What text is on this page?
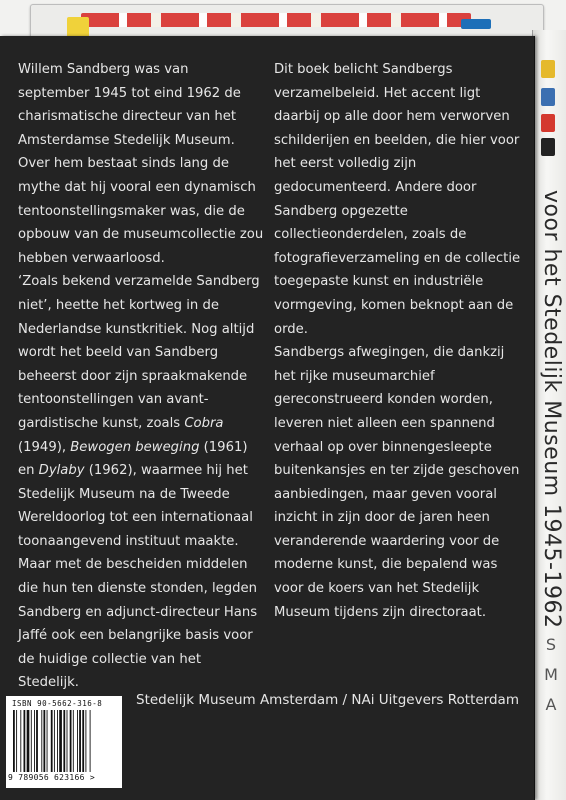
voor het Stedelijk Museum 1945-1962
S
M
A

Willem Sandberg was van september 1945 tot eind 1962 de charismatische directeur van het Amsterdamse Stedelijk Museum. Over hem bestaat sinds lang de mythe dat hij vooral een dynamisch tentoonstellingsmaker was, die de opbouw van de museumcollectie zou hebben verwaarloosd.

‘Zoals bekend verzamelde Sandberg niet’, heette het kortweg in de Nederlandse kunstkritiek. Nog altijd wordt het beeld van Sandberg beheerst door zijn spraakmakende tentoonstellingen van avant-gardistische kunst, zoals Cobra (1949), Bewogen beweging (1961) en Dylaby (1962), waarmee hij het Stedelijk Museum na de Tweede Wereldoorlog tot een internationaal toonaangevend instituut maakte. Maar met de bescheiden middelen die hun ten dienste stonden, legden Sandberg en adjunct-directeur Hans Jaffé ook een belangrijke basis voor de huidige collectie van het Stedelijk.

Dit boek belicht Sandbergs verzamelbeleid. Het accent ligt daarbij op alle door hem verworven schilderijen en beelden, die hier voor het eerst volledig zijn gedocumenteerd. Andere door Sandberg opgezette collectieonderdelen, zoals de fotografieverzameling en de collectie toegepaste kunst en industriële vormgeving, komen beknopt aan de orde.

Sandbergs afwegingen, die dankzij het rijke museumarchief gereconstrueerd konden worden, leveren niet alleen een spannend verhaal op over binnengesleepte buitenkansjes en ter zijde geschoven aanbiedingen, maar geven vooral inzicht in zijn door de jaren heen veranderende waardering voor de moderne kunst, die bepalend was voor de koers van het Stedelijk Museum tijdens zijn directoraat.

ISBN 90-5662-316-8
9 789056 623166 >
Stedelijk Museum Amsterdam / NAi Uitgevers Rotterdam
